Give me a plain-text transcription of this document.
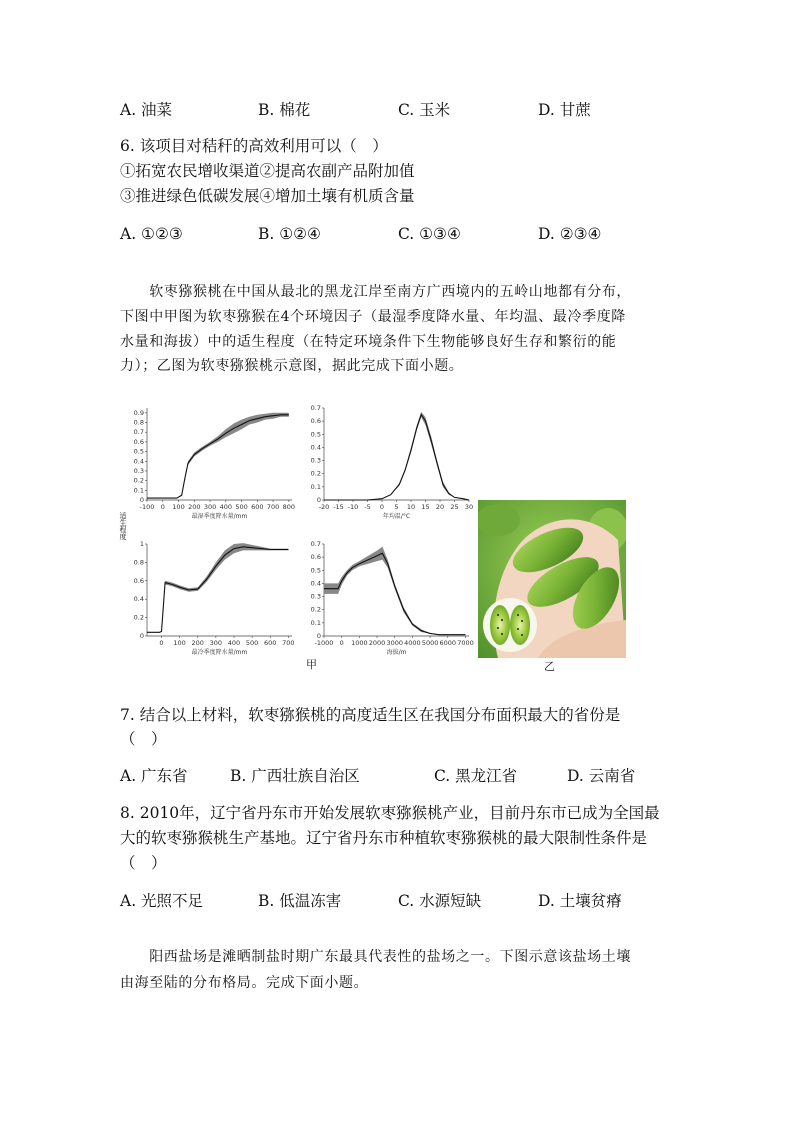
A. 油菜	B. 棉花	C. 玉米	D. 甘蔗
6. 该项目对秸秆的高效利用可以（　）
①拓宽农民增收渠道②提高农副产品附加值
③推进绿色低碳发展④增加土壤有机质含量
A. ①②③	B. ①②④	C. ①③④	D. ②③④
　　软枣猕猴桃在中国从最北的黑龙江岸至南方广西境内的五岭山地都有分布，
下图中甲图为软枣猕猴在4个环境因子（最湿季度降水量、年均温、最冷季度降
水量和海拔）中的适生程度（在特定环境条件下生物能够良好生存和繁衍的能
力）；乙图为软枣猕猴桃示意图，据此完成下面小题。
适生程度
0
0.1
0.2
0.3
0.4
0.5
0.6
0.7
0.8
0.9
-100 0 100 200 300 400 500 600 700 800
最湿季度降水量/mm
0
0.1
0.2
0.3
0.4
0.5
0.6
0.7
-20 -15 -10 -5 0 5 10 15 20 25 30
年均温/°C
0
0.2
0.4
0.6
0.8
1
0 100 200 300 400 500 600 700
最冷季度降水量/mm
0
0.1
0.2
0.3
0.4
0.5
0.6
0.7
-1000 0 1000 2000 3000 4000 5000 6000 7000
海拔/m
甲	乙
7. 结合以上材料，软枣猕猴桃的高度适生区在我国分布面积最大的省份是
（　）
A. 广东省	B. 广西壮族自治区	C. 黑龙江省	D. 云南省
8. 2010年，辽宁省丹东市开始发展软枣猕猴桃产业，目前丹东市已成为全国最
大的软枣猕猴桃生产基地。辽宁省丹东市种植软枣猕猴桃的最大限制性条件是
（　）
A. 光照不足	B. 低温冻害	C. 水源短缺	D. 土壤贫瘠
　　阳西盐场是滩晒制盐时期广东最具代表性的盐场之一。下图示意该盐场土壤
由海至陆的分布格局。完成下面小题。
